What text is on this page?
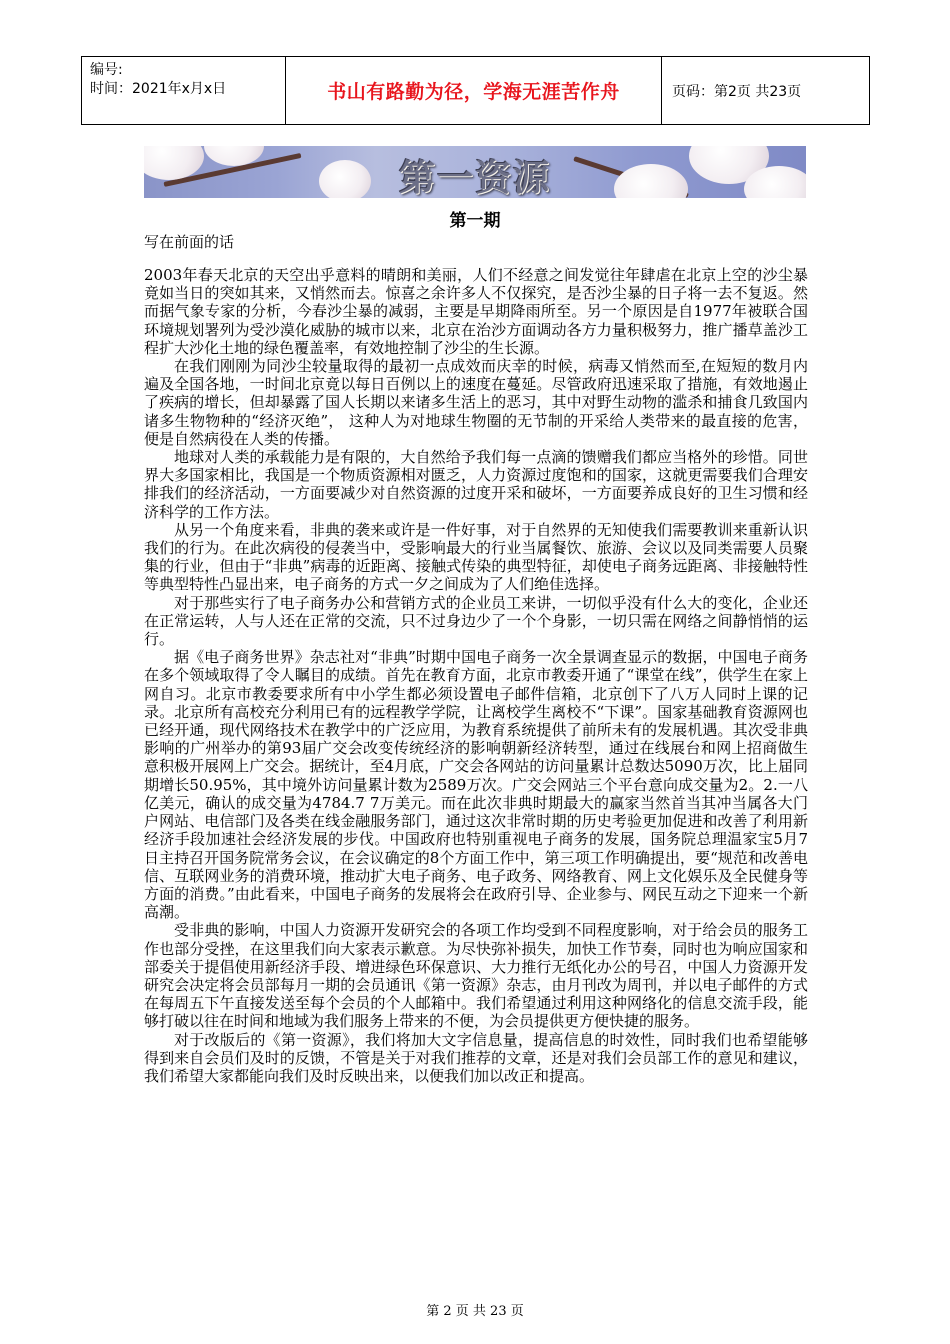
编号:
时间：2021年x月x日	书山有路勤为径，学海无涯苦作舟	页码：第2页 共23页
第一资源
第一期
写在前面的话

2003年春天北京的天空出乎意料的晴朗和美丽，人们不经意之间发觉往年肆虐在北京上空的沙尘暴竟如当日的突如其来，又悄然而去。惊喜之余许多人不仅探究，是否沙尘暴的日子将一去不复返。然而据气象专家的分析，今春沙尘暴的减弱，主要是早期降雨所至。另一个原因是自1977年被联合国环境规划署列为受沙漠化威胁的城市以来，北京在治沙方面调动各方力量积极努力，推广播草盖沙工程扩大沙化土地的绿色覆盖率，有效地控制了沙尘的生长源。

在我们刚刚为同沙尘较量取得的最初一点成效而庆幸的时候，病毒又悄然而至,在短短的数月内遍及全国各地，一时间北京竟以每日百例以上的速度在蔓延。尽管政府迅速采取了措施，有效地遏止了疾病的增长，但却暴露了国人长期以来诸多生活上的恶习，其中对野生动物的滥杀和捕食几致国内诸多生物物种的“经济灭绝”， 这种人为对地球生物圈的无节制的开采给人类带来的最直接的危害，便是自然病役在人类的传播。

地球对人类的承载能力是有限的，大自然给予我们每一点滴的馈赠我们都应当格外的珍惜。同世界大多国家相比，我国是一个物质资源相对匮乏，人力资源过度饱和的国家，这就更需要我们合理安排我们的经济活动，一方面要减少对自然资源的过度开采和破坏，一方面要养成良好的卫生习惯和经济科学的工作方法。

从另一个角度来看，非典的袭来或许是一件好事，对于自然界的无知使我们需要教训来重新认识我们的行为。在此次病役的侵袭当中，受影响最大的行业当属餐饮、旅游、会议以及同类需要人员聚集的行业，但由于“非典”病毒的近距离、接触式传染的典型特征，却使电子商务远距离、非接触特性等典型特性凸显出来，电子商务的方式一夕之间成为了人们绝佳选择。

对于那些实行了电子商务办公和营销方式的企业员工来讲，一切似乎没有什么大的变化，企业还在正常运转，人与人还在正常的交流，只不过身边少了一个个身影，一切只需在网络之间静悄悄的运行。

据《电子商务世界》杂志社对“非典”时期中国电子商务一次全景调查显示的数据，中国电子商务在多个领域取得了令人瞩目的成绩。首先在教育方面，北京市教委开通了“课堂在线”，供学生在家上网自习。北京市教委要求所有中小学生都必须设置电子邮件信箱，北京创下了八万人同时上课的记录。北京所有高校充分利用已有的远程教学学院，让离校学生离校不“下课”。国家基础教育资源网也已经开通，现代网络技术在教学中的广泛应用，为教育系统提供了前所未有的发展机遇。其次受非典影响的广州举办的第93届广交会改变传统经济的影响朝新经济转型，通过在线展台和网上招商做生意积极开展网上广交会。据统计，至4月底，广交会各网站的访问量累计总数达5090万次，比上届同期增长50.95%，其中境外访问量累计数为2589万次。广交会网站三个平台意向成交量为2。2.一八亿美元，确认的成交量为4784.7 7万美元。而在此次非典时期最大的赢家当然首当其冲当属各大门户网站、电信部门及各类在线金融服务部门，通过这次非常时期的历史考验更加促进和改善了利用新经济手段加速社会经济发展的步伐。中国政府也特别重视电子商务的发展，国务院总理温家宝5月7日主持召开国务院常务会议，在会议确定的8个方面工作中，第三项工作明确提出，要“规范和改善电信、互联网业务的消费环境，推动扩大电子商务、电子政务、网络教育、网上文化娱乐及全民健身等方面的消费。”由此看来，中国电子商务的发展将会在政府引导、企业参与、网民互动之下迎来一个新高潮。

受非典的影响，中国人力资源开发研究会的各项工作均受到不同程度影响，对于给会员的服务工作也部分受挫，在这里我们向大家表示歉意。为尽快弥补损失，加快工作节奏，同时也为响应国家和部委关于提倡使用新经济手段、增进绿色环保意识、大力推行无纸化办公的号召，中国人力资源开发研究会决定将会员部每月一期的会员通讯《第一资源》杂志，由月刊改为周刊，并以电子邮件的方式在每周五下午直接发送至每个会员的个人邮箱中。我们希望通过利用这种网络化的信息交流手段，能够打破以往在时间和地域为我们服务上带来的不便，为会员提供更方便快捷的服务。

对于改版后的《第一资源》，我们将加大文字信息量，提高信息的时效性，同时我们也希望能够得到来自会员们及时的反馈，不管是关于对我们推荐的文章，还是对我们会员部工作的意见和建议，我们希望大家都能向我们及时反映出来，以便我们加以改正和提高。

第 2 页 共 23 页
